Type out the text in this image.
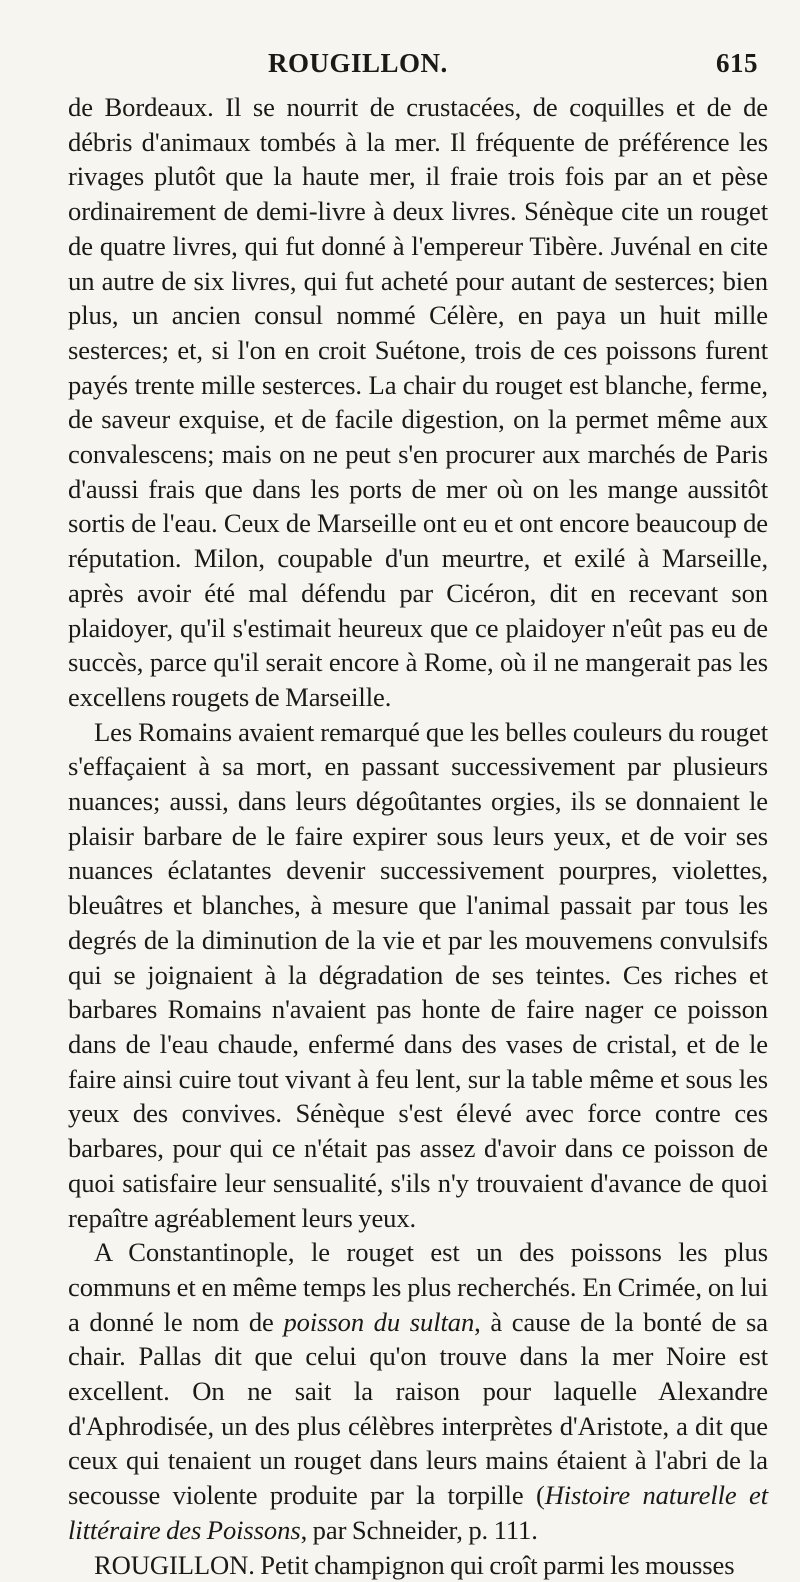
ROUGILLON.	615

de Bordeaux. Il se nourrit de crustacées, de coquilles et de de débris d'animaux tombés à la mer. Il fréquente de préférence les rivages plutôt que la haute mer, il fraie trois fois par an et pèse ordinairement de demi-livre à deux livres. Sénèque cite un rouget de quatre livres, qui fut donné à l'empereur Tibère. Juvénal en cite un autre de six livres, qui fut acheté pour autant de sesterces; bien plus, un ancien consul nommé Célère, en paya un huit mille sesterces; et, si l'on en croit Suétone, trois de ces poissons furent payés trente mille sesterces. La chair du rouget est blanche, ferme, de saveur exquise, et de facile digestion, on la permet même aux convalescens; mais on ne peut s'en procurer aux marchés de Paris d'aussi frais que dans les ports de mer où on les mange aussitôt sortis de l'eau. Ceux de Marseille ont eu et ont encore beaucoup de réputation. Milon, coupable d'un meurtre, et exilé à Marseille, après avoir été mal défendu par Cicéron, dit en recevant son plaidoyer, qu'il s'estimait heureux que ce plaidoyer n'eût pas eu de succès, parce qu'il serait encore à Rome, où il ne mangerait pas les excellens rougets de Marseille.

Les Romains avaient remarqué que les belles couleurs du rouget s'effaçaient à sa mort, en passant successivement par plusieurs nuances; aussi, dans leurs dégoûtantes orgies, ils se donnaient le plaisir barbare de le faire expirer sous leurs yeux, et de voir ses nuances éclatantes devenir successivement pourpres, violettes, bleuâtres et blanches, à mesure que l'animal passait par tous les degrés de la diminution de la vie et par les mouvemens convulsifs qui se joignaient à la dégradation de ses teintes. Ces riches et barbares Romains n'avaient pas honte de faire nager ce poisson dans de l'eau chaude, enfermé dans des vases de cristal, et de le faire ainsi cuire tout vivant à feu lent, sur la table même et sous les yeux des convives. Sénèque s'est élevé avec force contre ces barbares, pour qui ce n'était pas assez d'avoir dans ce poisson de quoi satisfaire leur sensualité, s'ils n'y trouvaient d'avance de quoi repaître agréablement leurs yeux.

A Constantinople, le rouget est un des poissons les plus communs et en même temps les plus recherchés. En Crimée, on lui a donné le nom de poisson du sultan, à cause de la bonté de sa chair. Pallas dit que celui qu'on trouve dans la mer Noire est excellent. On ne sait la raison pour laquelle Alexandre d'Aphrodisée, un des plus célèbres interprètes d'Aristote, a dit que ceux qui tenaient un rouget dans leurs mains étaient à l'abri de la secousse violente produite par la torpille (Histoire naturelle et littéraire des Poissons, par Schneider, p. 111.

ROUGILLON. Petit champignon qui croît parmi les mousses
